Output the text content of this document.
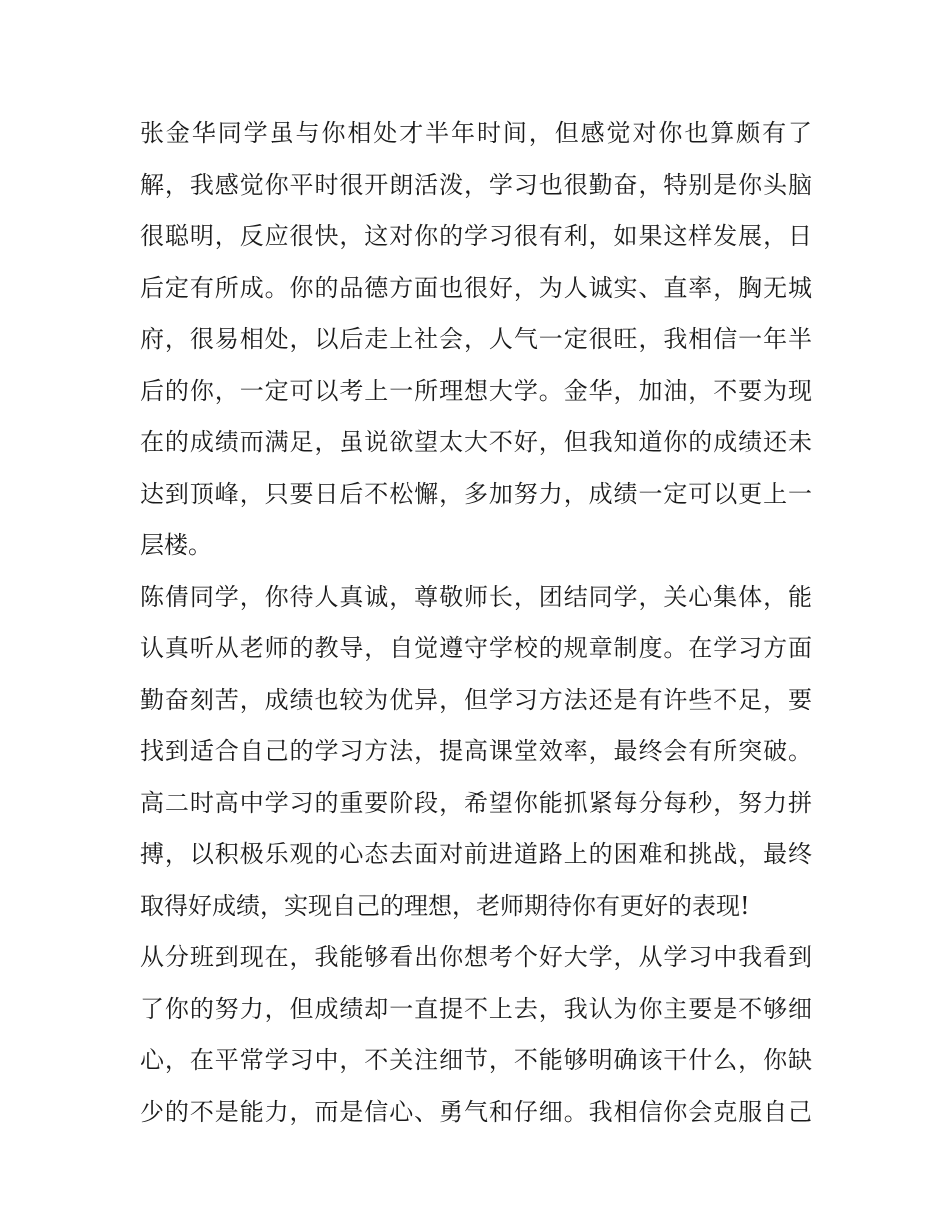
张金华同学虽与你相处才半年时间，但感觉对你也算颇有了
解，我感觉你平时很开朗活泼，学习也很勤奋，特别是你头脑
很聪明，反应很快，这对你的学习很有利，如果这样发展，日
后定有所成。你的品德方面也很好，为人诚实、直率，胸无城
府，很易相处，以后走上社会，人气一定很旺，我相信一年半
后的你，一定可以考上一所理想大学。金华，加油，不要为现
在的成绩而满足，虽说欲望太大不好，但我知道你的成绩还未
达到顶峰，只要日后不松懈，多加努力，成绩一定可以更上一
层楼。
陈倩同学，你待人真诚，尊敬师长，团结同学，关心集体，能
认真听从老师的教导，自觉遵守学校的规章制度。在学习方面
勤奋刻苦，成绩也较为优异，但学习方法还是有许些不足，要
找到适合自己的学习方法，提高课堂效率，最终会有所突破。
高二时高中学习的重要阶段，希望你能抓紧每分每秒，努力拼
搏，以积极乐观的心态去面对前进道路上的困难和挑战，最终
取得好成绩，实现自己的理想，老师期待你有更好的表现!
从分班到现在，我能够看出你想考个好大学，从学习中我看到
了你的努力，但成绩却一直提不上去，我认为你主要是不够细
心，在平常学习中，不关注细节，不能够明确该干什么，你缺
少的不是能力，而是信心、勇气和仔细。我相信你会克服自己
